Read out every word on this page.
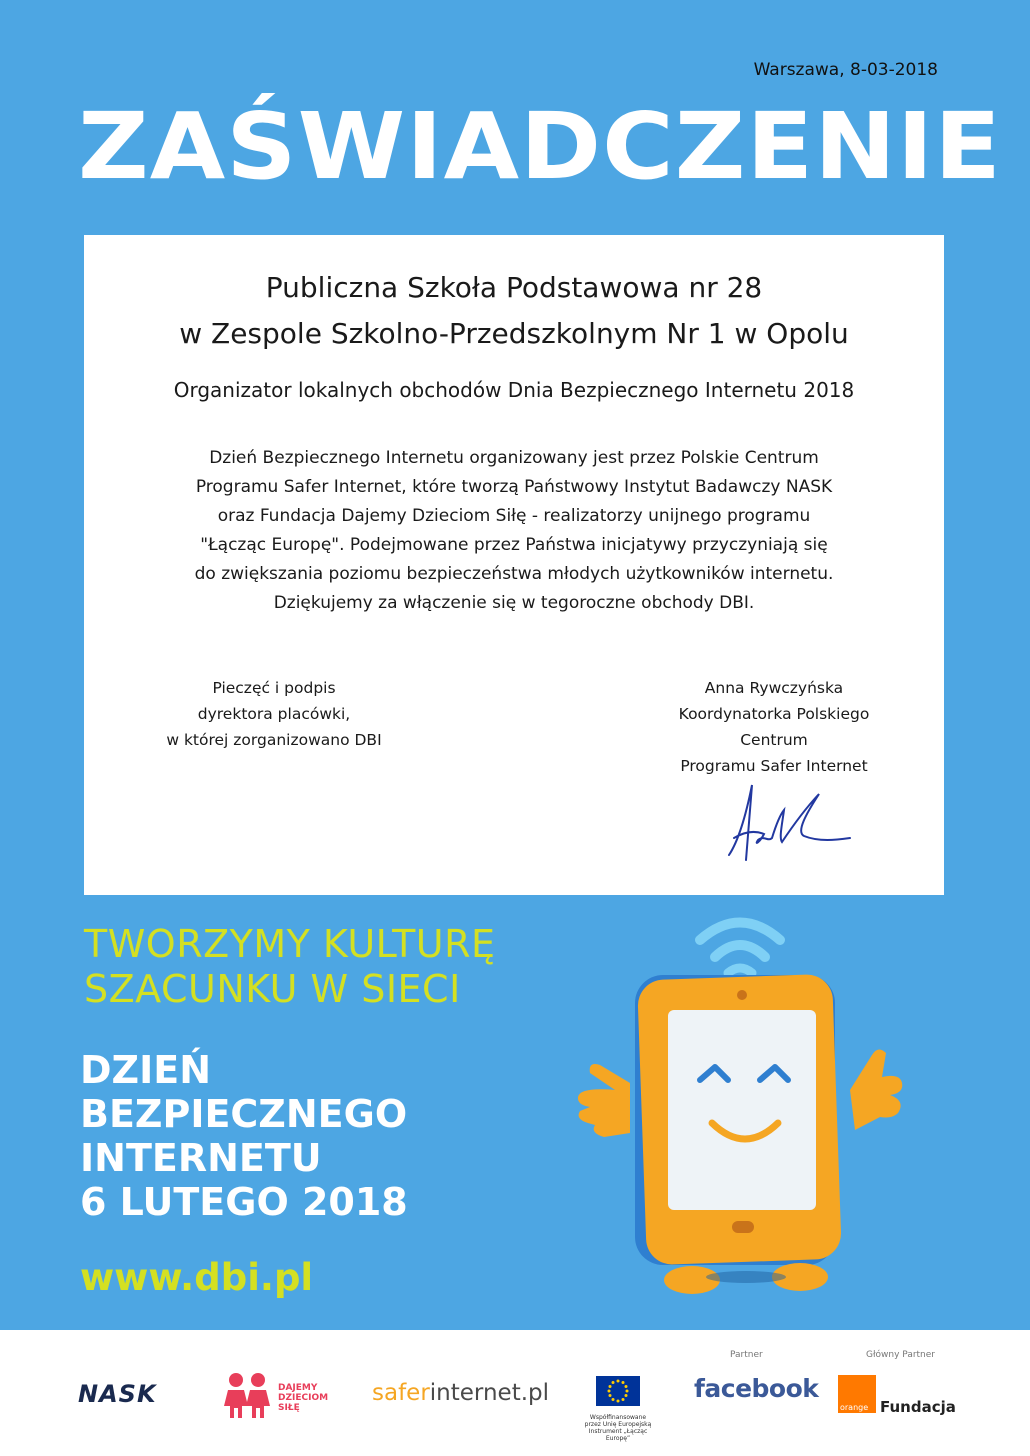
Warszawa, 8-03-2018
ZAŚWIADCZENIE
Publiczna Szkoła Podstawowa nr 28
w Zespole Szkolno-Przedszkolnym Nr 1 w Opolu
Organizator lokalnych obchodów Dnia Bezpiecznego Internetu 2018
Dzień Bezpiecznego Internetu organizowany jest przez Polskie Centrum
Programu Safer Internet, które tworzą Państwowy Instytut Badawczy NASK
oraz Fundacja Dajemy Dzieciom Siłę - realizatorzy unijnego programu
"Łącząc Europę". Podejmowane przez Państwa inicjatywy przyczyniają się
do zwiększania poziomu bezpieczeństwa młodych użytkowników internetu.
Dziękujemy za włączenie się w tegoroczne obchody DBI.
Pieczęć i podpis
dyrektora placówki,
w której zorganizowano DBI
Anna Rywczyńska
Koordynatorka Polskiego
Centrum
Programu Safer Internet
TWORZYMY KULTURĘ
SZACUNKU W SIECI
DZIEŃ
BEZPIECZNEGO
INTERNETU
6 LUTEGO 2018
www.dbi.pl
NASK	DAJEMY
DZIECIOM
SIŁĘ
saferinternet.pl
Współfinansowane
przez Unię Europejską
Instrument „Łącząc Europę”
Partner
facebook
Główny Partner
orange Fundacja
